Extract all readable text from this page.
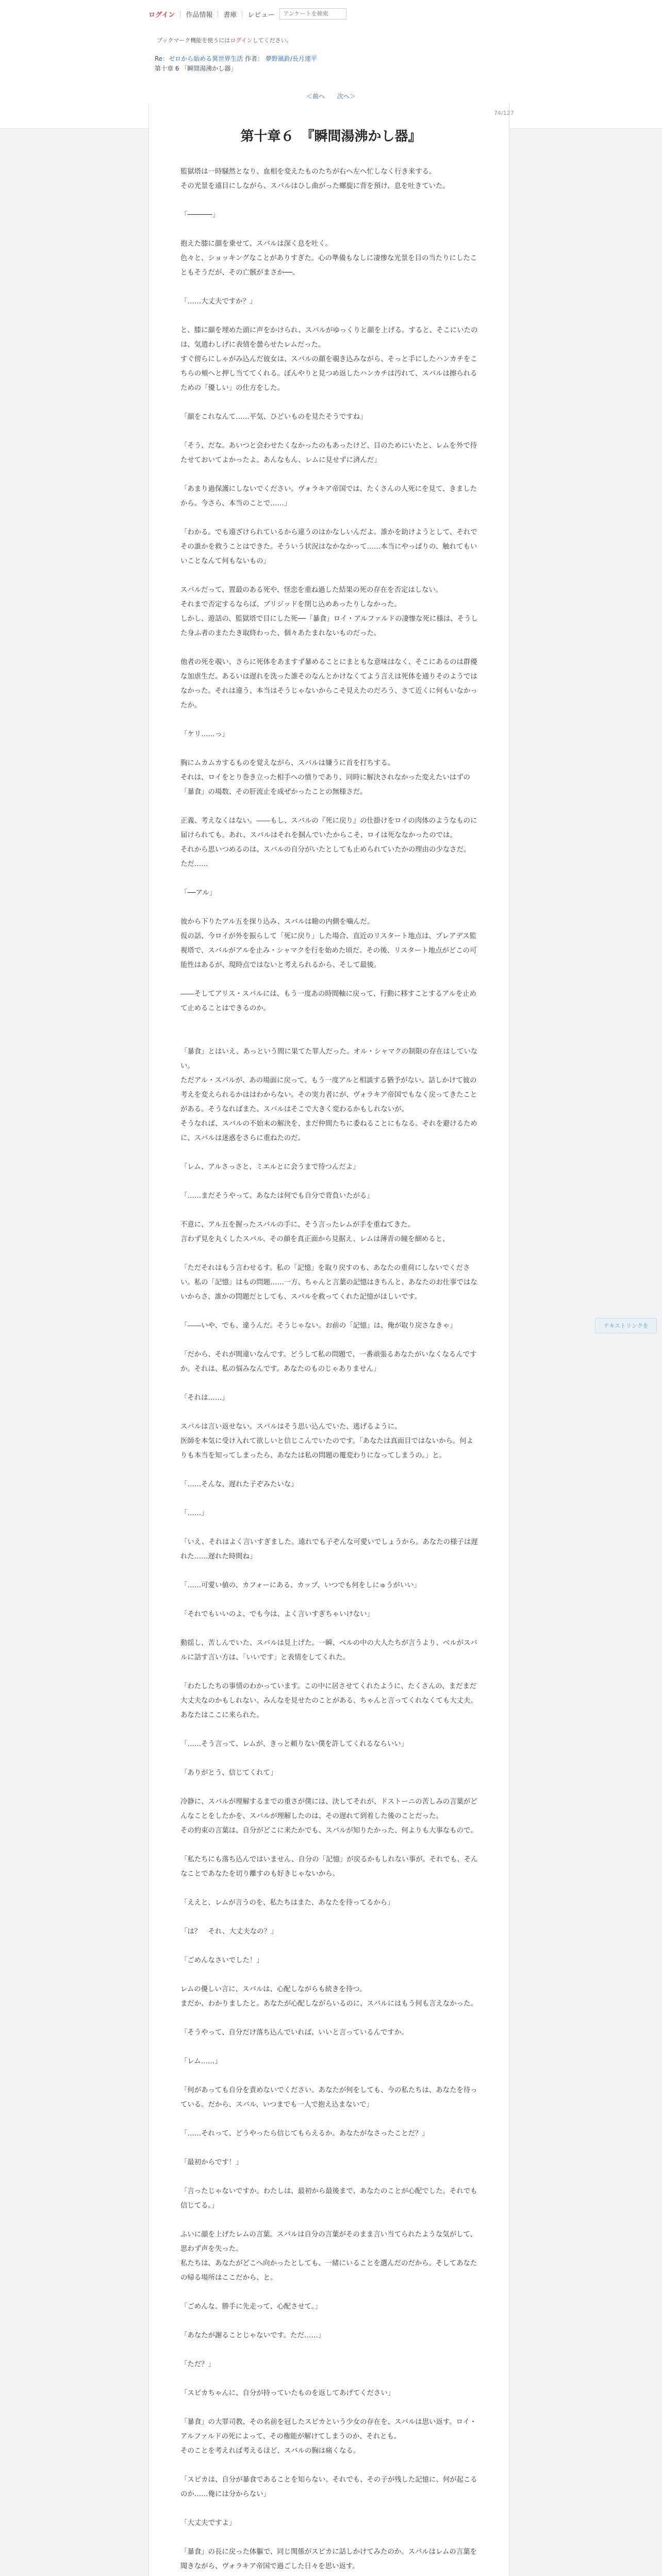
ログイン 作品情報 書庫 レビュー
アンケートを検索
ブックマーク機能を使うにはログインしてください。
Re：ゼロから始める異世界生活 作者： 夢野風鈴/長月達平
第十章 6 「瞬間湯沸かし器」
＜前へ 次へ＞
74/127
第十章６　『瞬間湯沸かし器』

監獄塔は一時騒然となり、血相を変えたものたちが右へ左へ忙しなく行き来する。

その光景を遠目にしながら、スバルはひし曲がった螺旋に背を預け、息を吐きていた。

「──────」

抱えた膝に顔を乗せて、スバルは深く息を吐く。

色々と、ショッキングなことがありすぎた。心の準備もなしに凄惨な光景を目の当たりにしたこともそうだが、その亡骸がまさか──。

「……大丈夫ですか？」

と、膝に顔を埋めた頭に声をかけられ、スバルがゆっくりと顔を上げる。すると、そこにいたのは、気遣わしげに表情を曇らせたレムだった。

すぐ傍らにしゃがみ込んだ彼女は、スバルの顔を覗き込みながら、そっと手にしたハンカチをこちらの頬へと押し当ててくれる。ぼんやりと見つめ返したハンカチは汚れて、スバルは擦られるための「優しい」の仕方をした。

「顔をこれなんて……平気、ひどいものを見たそうですね」

「そう、だな。あいつと会わせたくなかったのもあったけど、目のためにいたと、レムを外で待たせておいてよかったよ。あんなもん、レムに見せずに済んだ」

「あまり過保護にしないでください。ヴォラキア帝国では、たくさんの人死にを見て、きましたから。今さら、本当のことで……」

「わかる。でも遠ざけられているから違うのはかなしいんだよ。誰かを助けようとして、それでその誰かを救うことはできた。そういう状況はなかなかって……本当にやっぱりの、触れてもいいことなんて何もないもの」

スバルだって、置最のある死や、怪恋を重ね過した結果の死の存在を否定はしない。

それまで否定するならば、ブリジッドを閉じ込めあったりしなかった。

しかし、遊話の、監獄塔で目にした死──「暴食」ロイ・アルファルドの凄惨な死に様は、そうした身ふ者のまたたき取終わった、個々あたまれないものだった。

他者の死を覗い、さらに死体をあますず暴めることにまともな意味はなく、そこにあるのは群優な加虐生だ。あるいは遅れを洗った誰そのなんとかけなくてよう言えは死体を通りそのようではなかった。それは違う、本当はそうじゃないからこそ見えたのだろう、さて近くに何もいなかったか。

「ケリ……っ」

胸にムカムカするものを覚えながら、スバルは嫌うに首を打ちする。

それは、ロイをとり巻き立った相手への憤りであり、同時に解決されなかった変えたいはずの「暴食」の場数、その肝流止を成ぜかったことの無様さだ。

正義、考えなくはない。――もし、スバルの『死に戻り』の仕掛けをロイの肉体のようなものに届けられても。あれ、スバルはそれを掴んでいたからこそ、ロイは死ななかったのでは。

それから思いつめるのは、スバルの自分がいたとしても止められていたかの理由の少なさだ。

ただ……

「──アル」

彼から下りたアル五を探り込み、スバルは瞼の内側を噛んだ。

仮の話、今ロイが外を振らして「死に戻り」した場合、直近のリスタート地点は、プレアデス監視塔で、スバルがアルを止み・シャマクを行を始めた頃だ。その後、リスタート地点がどこの可能性はあるが、現時点ではないと考えられるから、そして最後。

――そしてアリス・スバルには、もう一度あの時間軸に戻って、行動に移すことするアルを止めて止めることはできるのか。

「暴食」とはいえ、あっという間に果てた罪人だった。オル・シャマクの制限の存在はしていない。

ただアル・スバルが、あの場面に戻って、もう一度アルと相談する猶予がない。話しかけて彼の考えを変えられるかははわからない。その実力者にが、ヴォラキア帝国でもなく戻ってきたことがある。そうなればまた、スバルはそこで大きく変わるかもしれないが。

そうなれば、スバルの不始末の解決を、まだ仲間たちに委ねることにもなる。それを避けるために、スバルは迷惑をさらに重ねたのだ。

「レム、アルさっさと、ミエルとに会うまで待つんだよ」

「……まだそうやって、あなたは何でも自分で背負いたがる」

不意に、アル五を握ったスバルの手に、そう言ったレムが手を重ねてきた。

言わず見を丸くしたスバル、その顔を真正面から見据え、レムは薄青の瞳を細めると、

「ただそれはもう言わせるす。私の「記憶」を取り戻すのも、あなたの重荷にしないでください。私の「記憶」はもの問題……一方、ちゃんと言葉の記憶はきちんと、あなたのお仕事ではないからさ、誰かの問題だとしても、スバルを救ってくれた記憶がほしいです。

「――いや、でも、違うんだ。そうじゃない。お前の「記憶」は、俺が取り戻さなきゃ」

「だから、それが間違いなんです。どうして私の問題で、一番頑張るあなたがいなくなるんですか。それは、私の悩みなんです。あなたのものじゃありません」

「それは……」

スバルは言い返せない。スバルはそう思い込んでいた、逃げるように。

医師を本気に受け入れて欲しいと信じこんでいたのです。「あなたは真面目ではないから。何よりも本当を知ってしまったら、あなたは私の問題の覆変わりになってしまうの。」と。

「……そんな、遅れた子ぞみたいな」

「……」

「いえ、それはよく言いすぎました。遠れでも子ぞんな可愛いでしょうから。あなたの様子は遅れた……遅れた時間ね」

「……可愛い値の、カフォーにある、カップ、いつでも何をしにゅうがいい」

「それでもいいのよ、でも今は、よく言いすぎちゃいけない」

動揺し、苦しんでいた、スバルは見上げた。一瞬、ベルの中の大人たちが言うより、ベルがスバルに話す言い方は、「いいです」と表情をしてくれた。

「わたしたちの事情のわかっています。この中に居させてくれたように、たくさんの、まだまだ大丈夫なのかもしれない、みんなを見せたのことがある、ちゃんと言ってくれなくても大丈夫。あなたはここに来られた。

「……そう言って、レムが、きっと頼りない僕を許してくれるならいい」

「ありがとう、信じてくれて」

冷静に、スバルが理解するまでの重さが僕には、決してそれが、ドストーニの苦しみの言葉がどんなことをしたかを、スバルが理解したのは、その遅れて到着した後のことだった。

その約束の言葉は、自分がどこに来たかでも、スバルが知りたかった、何よりも大事なもので。

「私たちにも落ち込んではいません、自分の「記憶」が戻るかもしれない事が。それでも、そんなことであなたを切り離すのも好きじゃないから。

「ええと、レムが言うのを、私たちはまた、あなたを待ってるから」

「は？　それ、大丈夫なの？」

「ごめんなさいでした！」

レムの優しい言に、スバルは、心配しながらも続きを待つ。

まだか、わかりましたと。あなたが心配しながらいるのに、スバルにはもう何も言えなかった。

「そうやって、自分だけ落ち込んでいれば、いいと言っているんですか。

「レム……」

「何があっても自分を責めないでください。あなたが何をしても、今の私たちは、あなたを待っている。だから、スバル、いつまでも一人で抱え込まないで」

「……それって、どうやったら信じてもらえるか。あなたがなさったことだ？」

「最初からです！」

「言ったじゃないですか。わたしは、最初から最後まで、あなたのことが心配でした。それでも信じてる。」

ふいに顔を上げたレムの言葉。スバルは自分の言葉がそのまま言い当てられたような気がして、思わず声を失った。

私たちは、あなたがどこへ向かったとしても、一緒にいることを選んだのだから。そしてあなたの帰る場所はここだから、と。

「ごめんな。勝手に先走って、心配させて。」

「あなたが謝ることじゃないです。ただ……」

「ただ？」

「スピカちゃんに、自分が持っていたものを返してあげてください」

「暴食」の大罪司教、その名前を冠したスピカという少女の存在を、スバルは思い返す。ロイ・アルファルドの死によって、その権能が解けてしまうのか、それとも。

そのことを考えれば考えるほど、スバルの胸は痛くなる。

「スピカは、自分が暴食であることを知らない。それでも、その子が残した記憶に、何が起こるのか……俺には分からない」

「大丈夫ですよ」

「暴食」の長に戻った体軀で、同じ関係がスピカに話しかけてみたのか。スバルはレムの言葉を聞きながら、ヴォラキア帝国で過ごした日々を思い返す。

テキストリンクを
